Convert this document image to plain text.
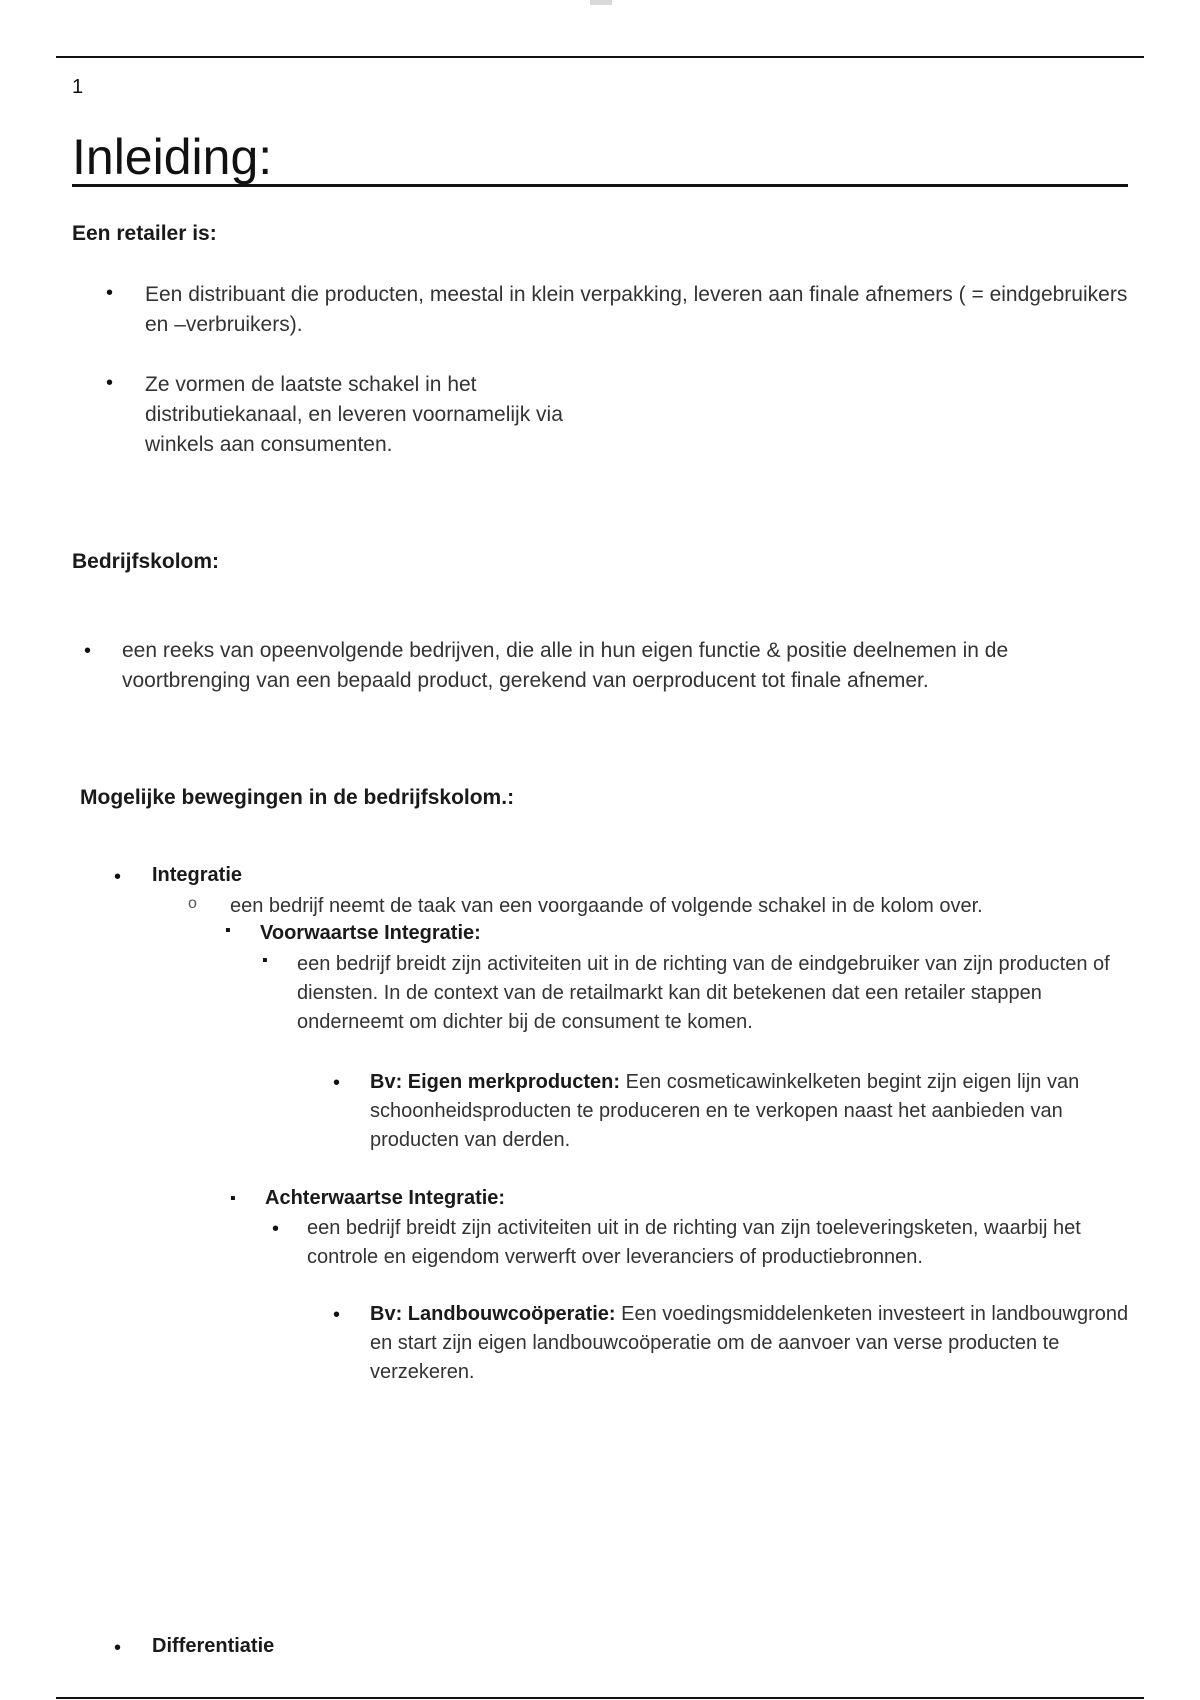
1
Inleiding:
Een retailer is:
• Een distribuant die producten, meestal in klein verpakking, leveren aan finale afnemers ( = eindgebruikers en –verbruikers).
• Ze vormen de laatste schakel in het distributiekanaal, en leveren voornamelijk via winkels aan consumenten.
Bedrijfskolom:
• een reeks van opeenvolgende bedrijven, die alle in hun eigen functie & positie deelnemen in de voortbrenging van een bepaald product, gerekend van oerproducent tot finale afnemer.
Mogelijke bewegingen in de bedrijfskolom.:
• Integratie
o een bedrijf neemt de taak van een voorgaande of volgende schakel in de kolom over.
▪ Voorwaartse Integratie:
▪ een bedrijf breidt zijn activiteiten uit in de richting van de eindgebruiker van zijn producten of diensten. In de context van de retailmarkt kan dit betekenen dat een retailer stappen onderneemt om dichter bij de consument te komen.
• Bv: Eigen merkproducten: Een cosmeticawinkelketen begint zijn eigen lijn van schoonheidsproducten te produceren en te verkopen naast het aanbieden van producten van derden.
▪ Achterwaartse Integratie:
• een bedrijf breidt zijn activiteiten uit in de richting van zijn toeleveringsketen, waarbij het controle en eigendom verwerft over leveranciers of productiebronnen.
• Bv: Landbouwcoöperatie: Een voedingsmiddelenketen investeert in landbouwgrond en start zijn eigen landbouwcoöperatie om de aanvoer van verse producten te verzekeren.
• Differentiatie
